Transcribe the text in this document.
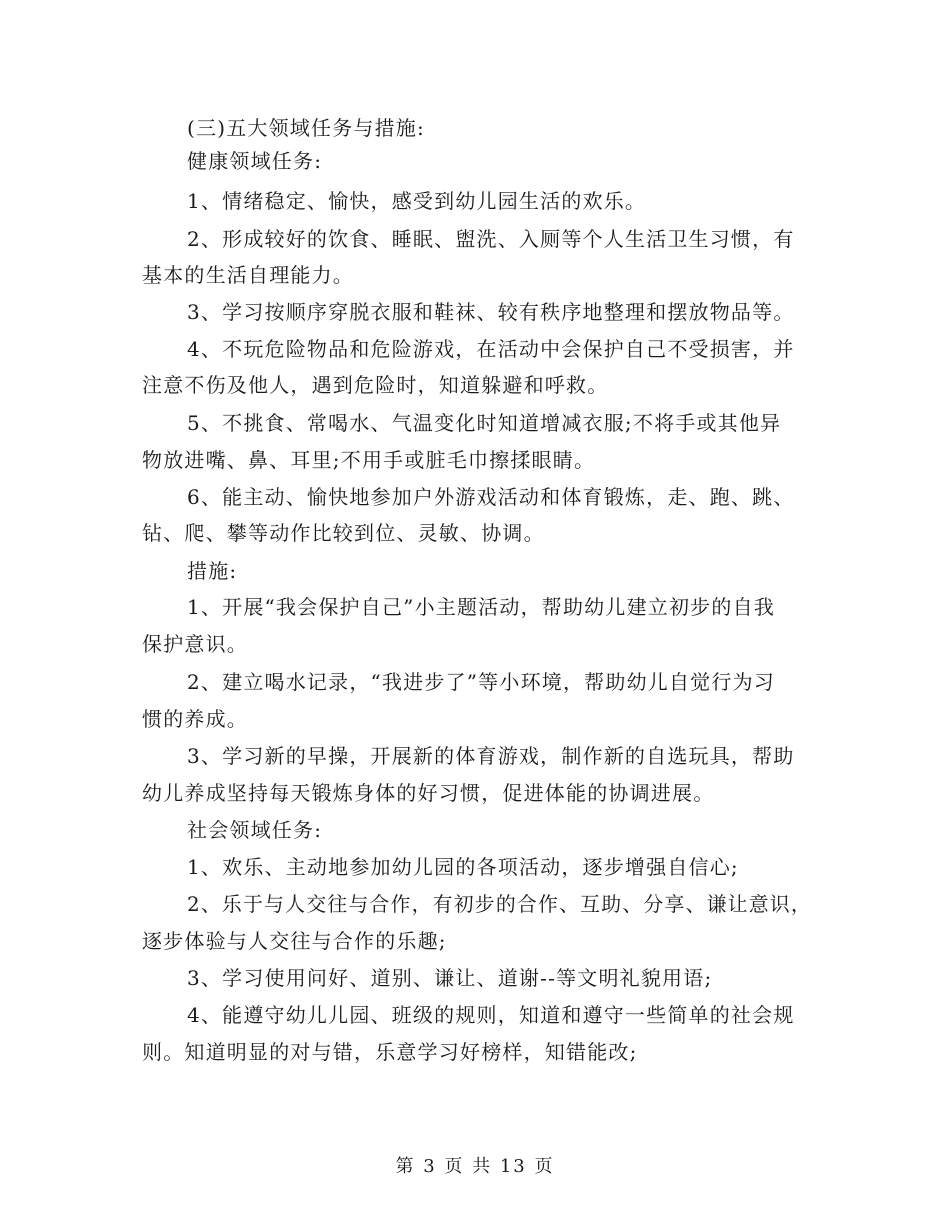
(三)五大领域任务与措施:
健康领域任务:
1、情绪稳定、愉快，感受到幼儿园生活的欢乐。
2、形成较好的饮食、睡眠、盥洗、入厕等个人生活卫生习惯，有
基本的生活自理能力。
3、学习按顺序穿脱衣服和鞋袜、较有秩序地整理和摆放物品等。
4、不玩危险物品和危险游戏，在活动中会保护自己不受损害，并
注意不伤及他人，遇到危险时，知道躲避和呼救。
5、不挑食、常喝水、气温变化时知道增减衣服;不将手或其他异
物放进嘴、鼻、耳里;不用手或脏毛巾擦揉眼睛。
6、能主动、愉快地参加户外游戏活动和体育锻炼，走、跑、跳、
钻、爬、攀等动作比较到位、灵敏、协调。
措施:
1、开展“我会保护自己”小主题活动，帮助幼儿建立初步的自我
保护意识。
2、建立喝水记录，“我进步了”等小环境，帮助幼儿自觉行为习
惯的养成。
3、学习新的早操，开展新的体育游戏，制作新的自选玩具，帮助
幼儿养成坚持每天锻炼身体的好习惯，促进体能的协调进展。
社会领域任务:
1、欢乐、主动地参加幼儿园的各项活动，逐步增强自信心;
2、乐于与人交往与合作，有初步的合作、互助、分享、谦让意识，
逐步体验与人交往与合作的乐趣;
3、学习使用问好、道别、谦让、道谢--等文明礼貌用语;
4、能遵守幼儿儿园、班级的规则，知道和遵守一些简单的社会规
则。知道明显的对与错，乐意学习好榜样，知错能改;
第 3 页 共 13 页
